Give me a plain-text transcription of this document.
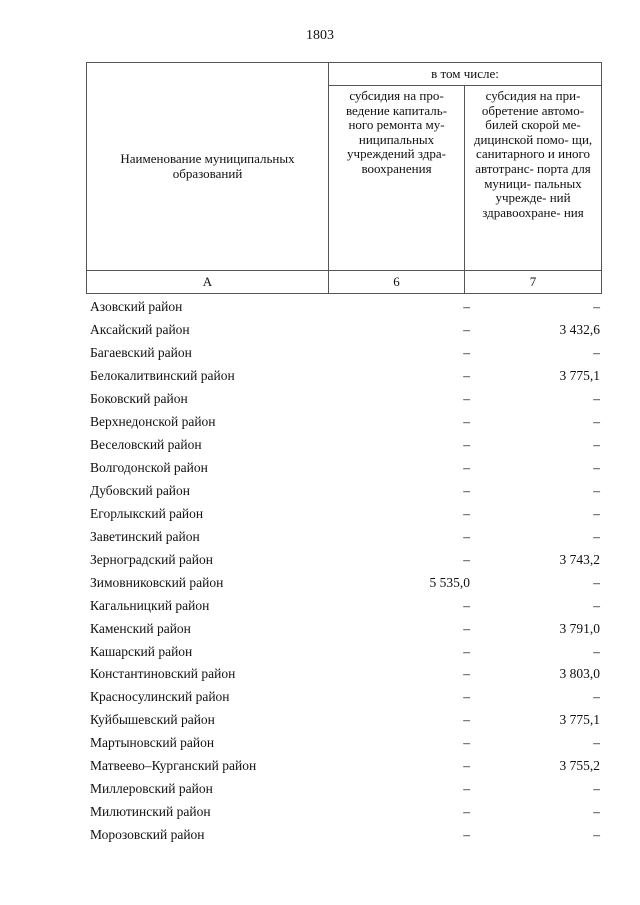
1803
Наименование муниципальных образований	в том числе:	

	субсидия на про- ведение капиталь- ного ремонта му- ниципальных учреждений здра- воохранения	субсидия на при- обретение автомо- билей скорой ме- дицинской помо- щи, санитарного и иного автотранс- порта для муници- пальных учрежде- ний здравоохране- ния

А	6	7
Азовский район	–	–
Аксайский район	–	3 432,6
Багаевский район	–	–
Белокалитвинский район	–	3 775,1
Боковский район	–	–
Верхнедонской район	–	–
Веселовский район	–	–
Волгодонской район	–	–
Дубовский район	–	–
Егорлыкский район	–	–
Заветинский район	–	–
Зерноградский район	–	3 743,2
Зимовниковский район	5 535,0	–
Кагальницкий район	–	–
Каменский район	–	3 791,0
Кашарский район	–	–
Константиновский район	–	3 803,0
Красносулинский район	–	–
Куйбышевский район	–	3 775,1
Мартыновский район	–	–
Матвеево–Курганский район	–	3 755,2
Миллеровский район	–	–
Милютинский район	–	–
Морозовский район	–	–
